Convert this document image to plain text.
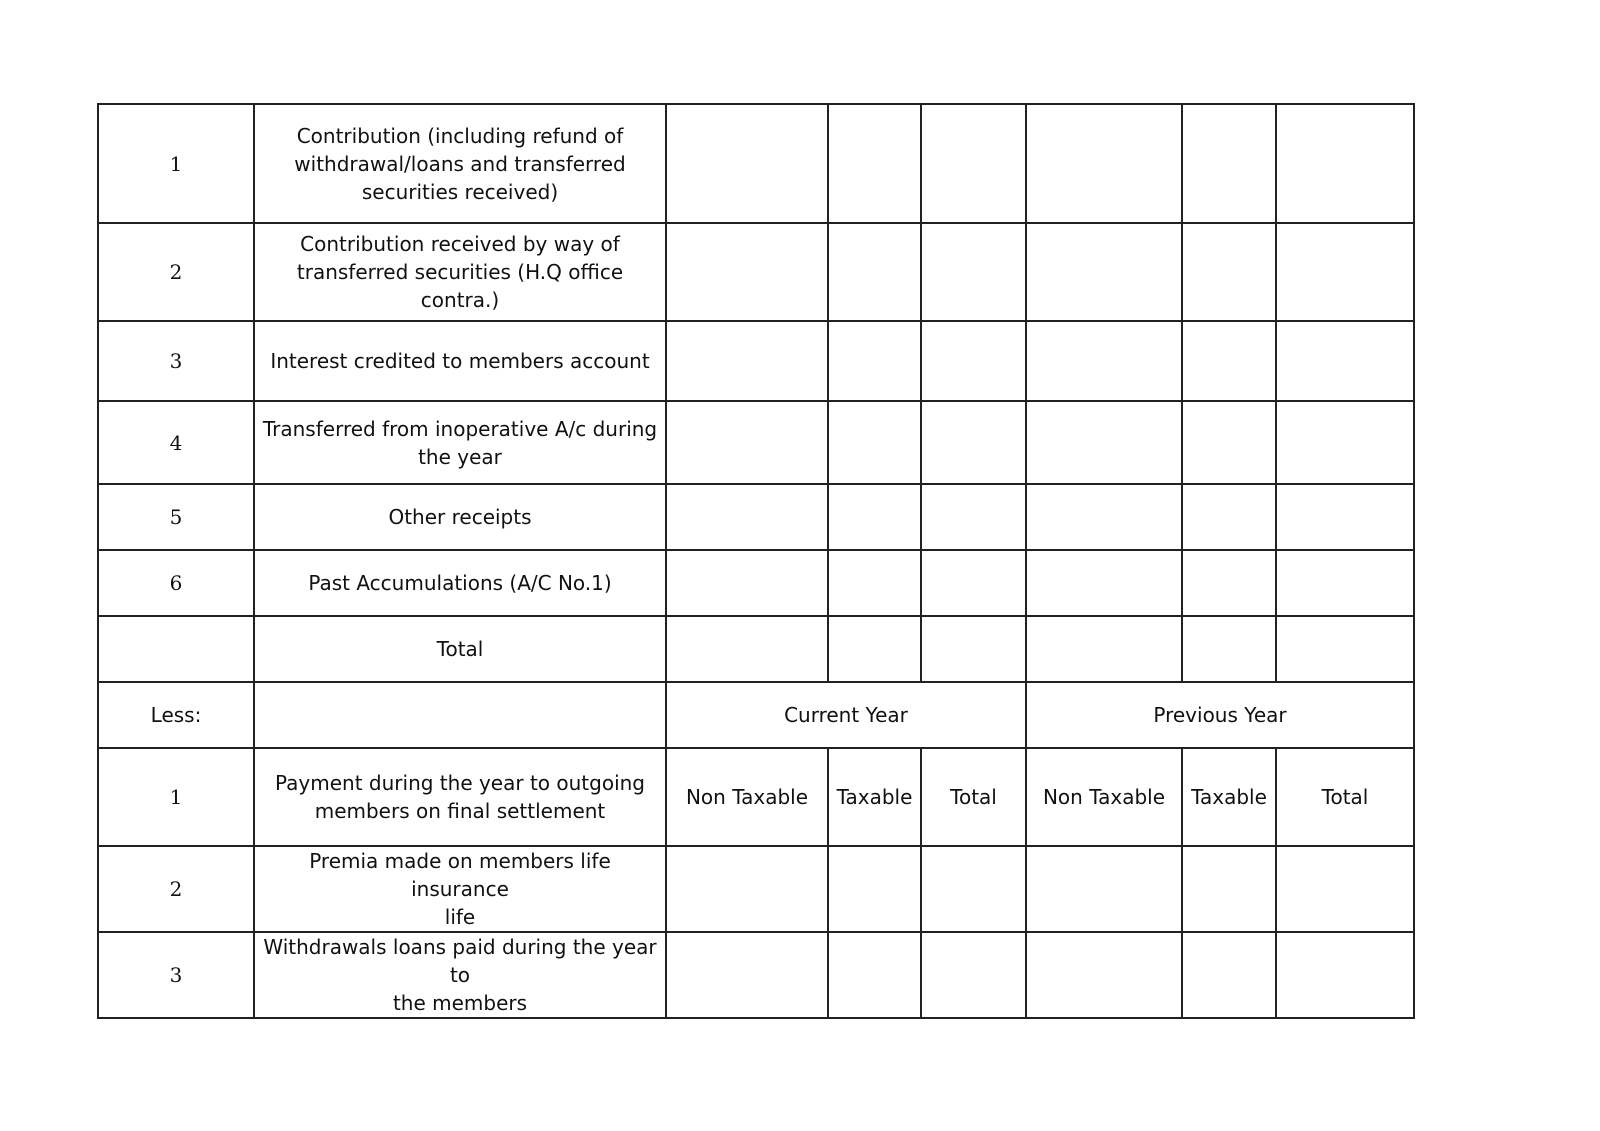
1	Contribution (including refund of
withdrawal/loans and transferred
securities received)						
2	Contribution received by way of
transferred securities (H.Q office contra.)						
3	Interest credited to members account						
4	Transferred from inoperative A/c during
the year						
5	Other receipts						
6	Past Accumulations (A/C No.1)						
	Total						
Less:		Current Year			Previous Year		
1	Payment during the year to outgoing
members on final settlement	Non Taxable	Taxable	Total	Non Taxable	Taxable	Total
2	Premia made on members life insurance
life						
3	Withdrawals loans paid during the year to
the members						
